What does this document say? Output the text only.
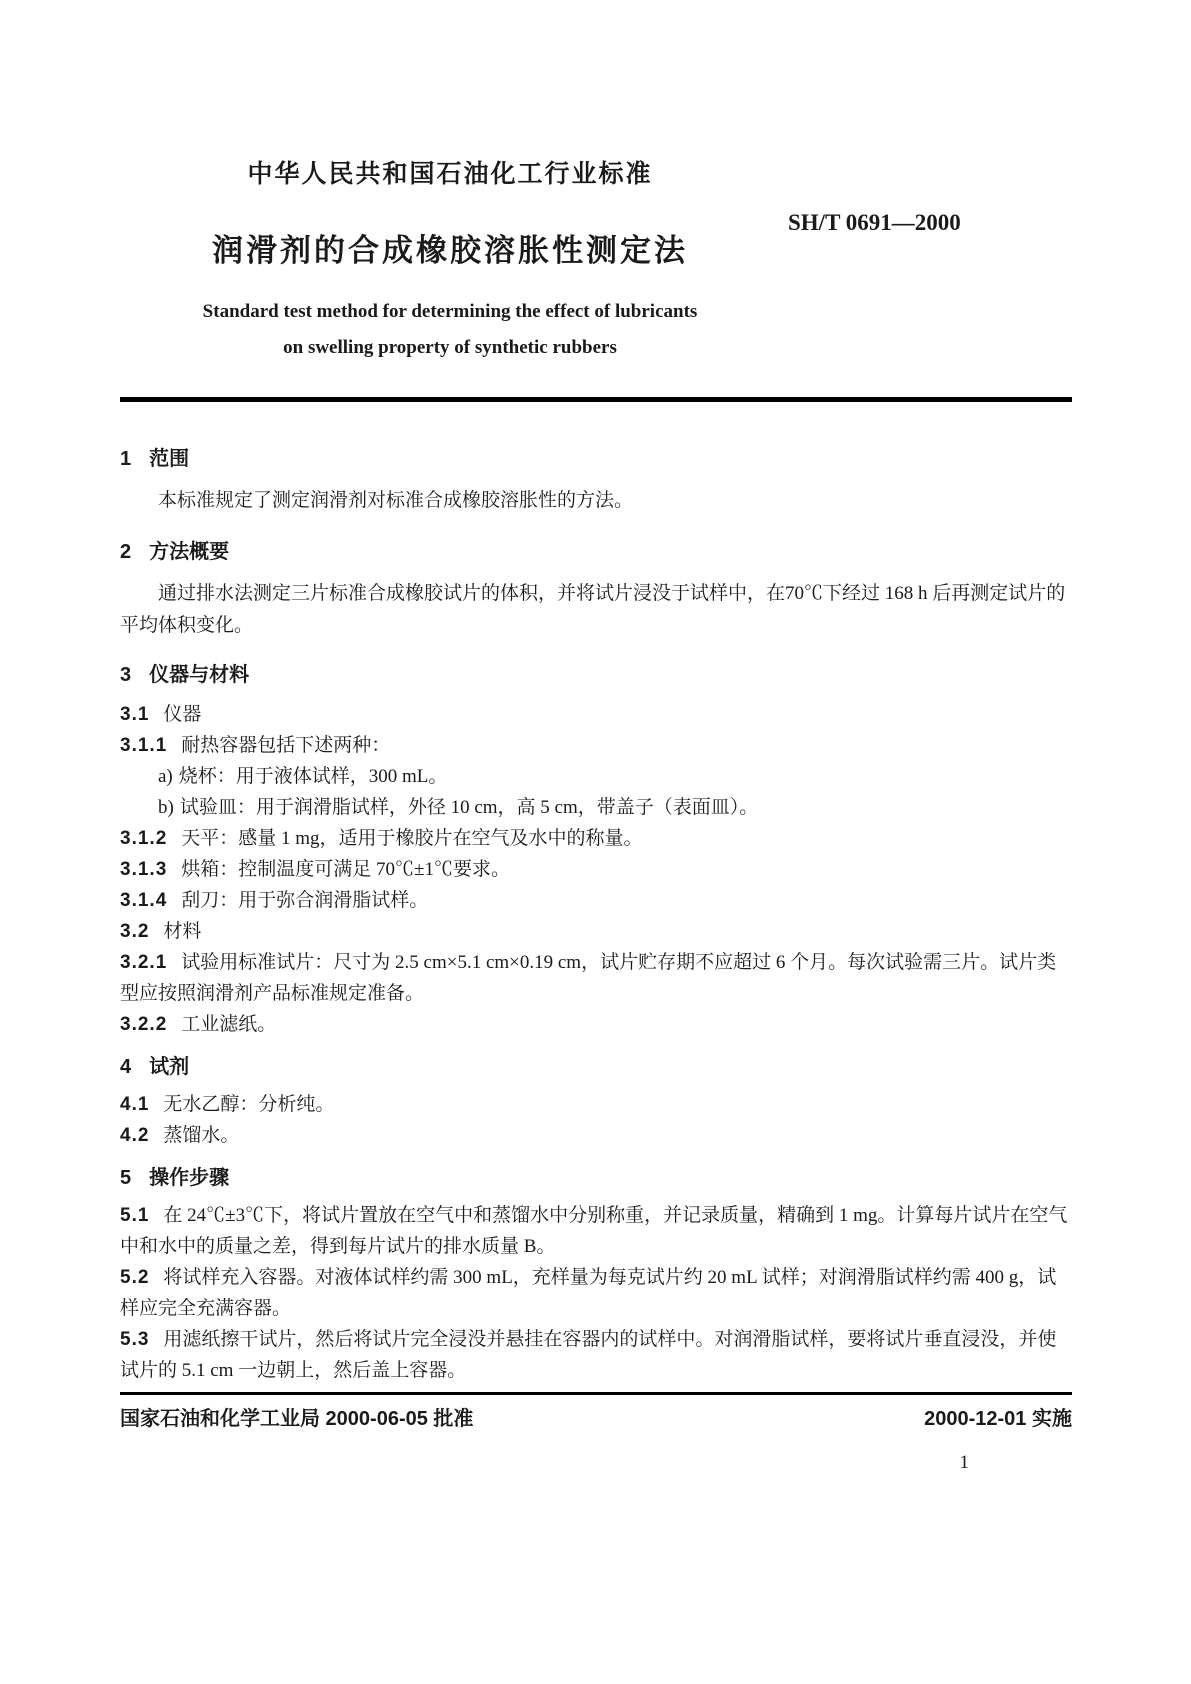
中华人民共和国石油化工行业标准
润滑剂的合成橡胶溶胀性测定法
Standard test method for determining the effect of lubricants
on swelling property of synthetic rubbers
SH/T 0691—2000
1 范围

本标准规定了测定润滑剂对标准合成橡胶溶胀性的方法。

2 方法概要

通过排水法测定三片标准合成橡胶试片的体积，并将试片浸没于试样中，在70℃下经过 168 h 后再测定试片的平均体积变化。

3 仪器与材料

3.1 仪器

3.1.1 耐热容器包括下述两种：

a) 烧杯：用于液体试样，300 mL。

b) 试验皿：用于润滑脂试样，外径 10 cm，高 5 cm，带盖子（表面皿）。

3.1.2 天平：感量 1 mg，适用于橡胶片在空气及水中的称量。

3.1.3 烘箱：控制温度可满足 70℃±1℃要求。

3.1.4 刮刀：用于弥合润滑脂试样。

3.2 材料

3.2.1 试验用标准试片：尺寸为 2.5 cm×5.1 cm×0.19 cm，试片贮存期不应超过 6 个月。每次试验需三片。试片类型应按照润滑剂产品标准规定准备。

3.2.2 工业滤纸。

4 试剂

4.1 无水乙醇：分析纯。

4.2 蒸馏水。

5 操作步骤

5.1 在 24℃±3℃下，将试片置放在空气中和蒸馏水中分别称重，并记录质量，精确到 1 mg。计算每片试片在空气中和水中的质量之差，得到每片试片的排水质量 B。

5.2 将试样充入容器。对液体试样约需 300 mL，充样量为每克试片约 20 mL 试样；对润滑脂试样约需 400 g，试样应完全充满容器。

5.3 用滤纸擦干试片，然后将试片完全浸没并悬挂在容器内的试样中。对润滑脂试样，要将试片垂直浸没，并使试片的 5.1 cm 一边朝上，然后盖上容器。

国家石油和化学工业局 2000-06-05 批准	2000-12-01 实施
1
